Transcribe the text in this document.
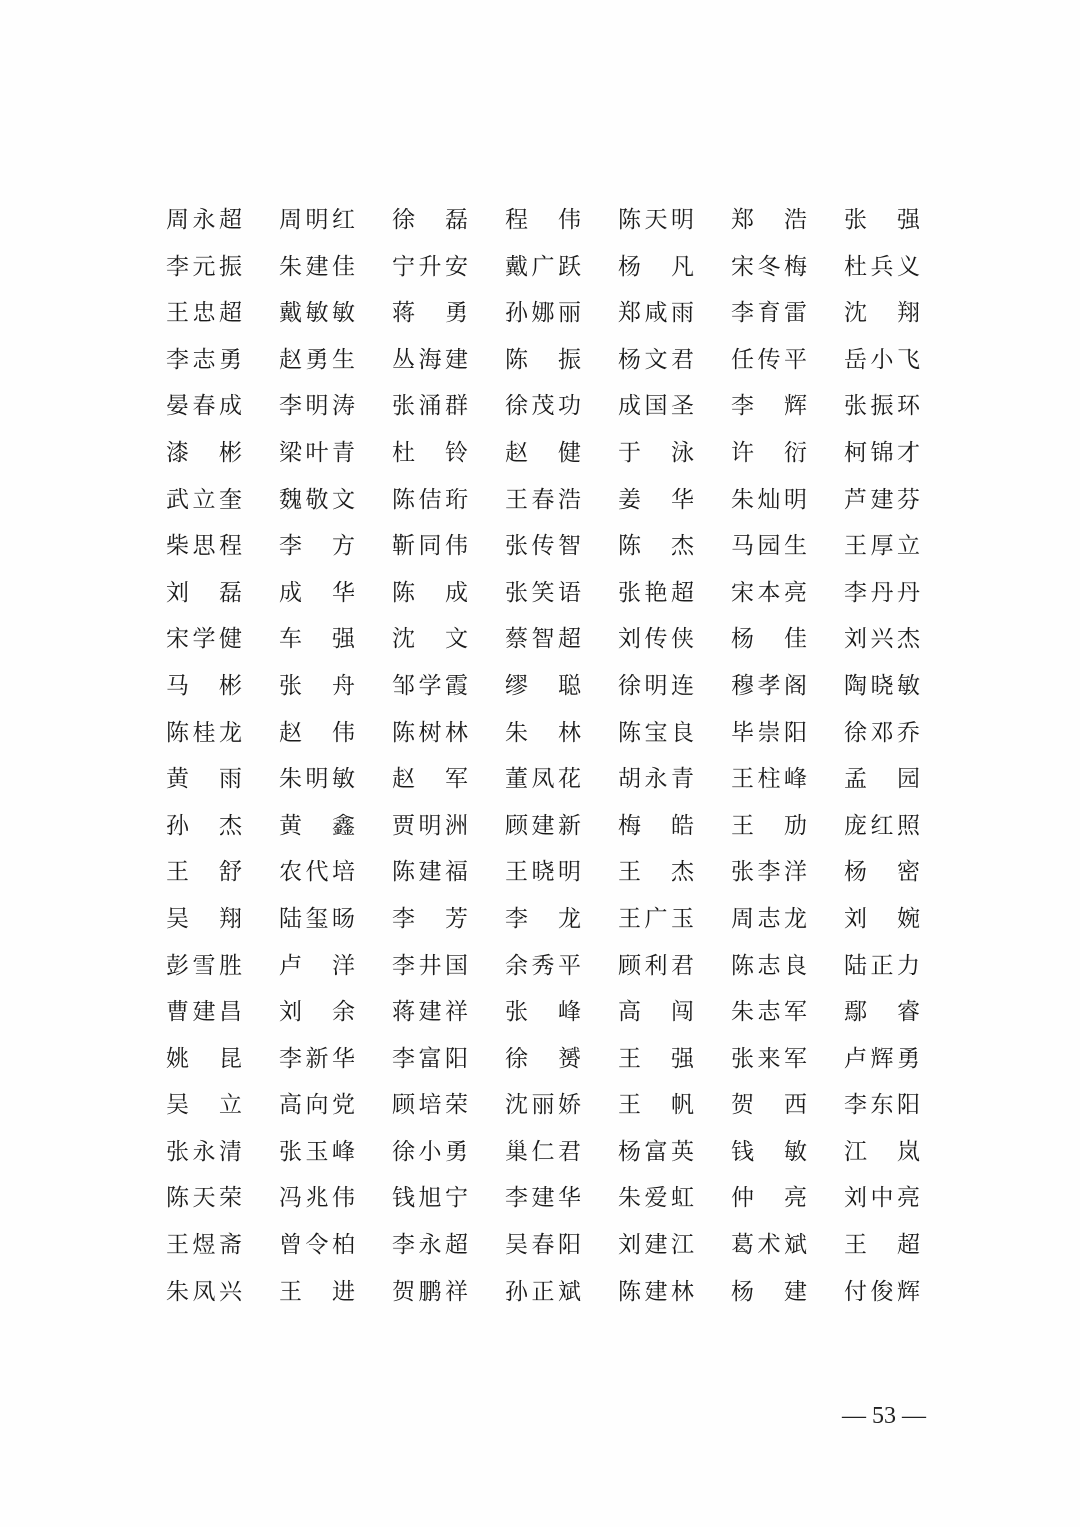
周 永 超 周 明 红 徐 磊 程 伟 陈 天 明 郑 浩 张 强
李 元 振 朱 建 佳 宁 升 安 戴 广 跃 杨 凡 宋 冬 梅 杜 兵 义
王 忠 超 戴 敏 敏 蒋 勇 孙 娜 丽 郑 咸 雨 李 育 雷 沈 翔
李 志 勇 赵 勇 生 丛 海 建 陈 振 杨 文 君 任 传 平 岳 小 飞
晏 春 成 李 明 涛 张 涌 群 徐 茂 功 成 国 圣 李 辉 张 振 环
漆 彬 梁 叶 青 杜 铃 赵 健 于 泳 许 衍 柯 锦 才
武 立 奎 魏 敬 文 陈 佶 珩 王 春 浩 姜 华 朱 灿 明 芦 建 芬
柴 思 程 李 方 靳 同 伟 张 传 智 陈 杰 马 园 生 王 厚 立
刘 磊 成 华 陈 成 张 笑 语 张 艳 超 宋 本 亮 李 丹 丹
宋 学 健 车 强 沈 文 蔡 智 超 刘 传 侠 杨 佳 刘 兴 杰
马 彬 张 舟 邹 学 霞 缪 聪 徐 明 连 穆 孝 阁 陶 晓 敏
陈 桂 龙 赵 伟 陈 树 林 朱 林 陈 宝 良 毕 崇 阳 徐 邓 乔
黄 雨 朱 明 敏 赵 军 董 凤 花 胡 永 青 王 柱 峰 孟 园
孙 杰 黄 鑫 贾 明 洲 顾 建 新 梅 皓 王 劢 庞 红 照
王 舒 农 代 培 陈 建 福 王 晓 明 王 杰 张 李 洋 杨 密
吴 翔 陆 玺 旸 李 芳 李 龙 王 广 玉 周 志 龙 刘 婉
彭 雪 胜 卢 洋 李 井 国 余 秀 平 顾 利 君 陈 志 良 陆 正 力
曹 建 昌 刘 余 蒋 建 祥 张 峰 高 闯 朱 志 军 鄢 睿
姚 昆 李 新 华 李 富 阳 徐 赟 王 强 张 来 军 卢 辉 勇
吴 立 高 向 党 顾 培 荣 沈 丽 娇 王 帆 贺 西 李 东 阳
张 永 清 张 玉 峰 徐 小 勇 巢 仁 君 杨 富 英 钱 敏 江 岚
陈 天 荣 冯 兆 伟 钱 旭 宁 李 建 华 朱 爱 虹 仲 亮 刘 中 亮
王 煜 斋 曾 令 柏 李 永 超 吴 春 阳 刘 建 江 葛 术 斌 王 超
朱 凤 兴 王 进 贺 鹏 祥 孙 正 斌 陈 建 林 杨 建 付 俊 辉
— 53 —
